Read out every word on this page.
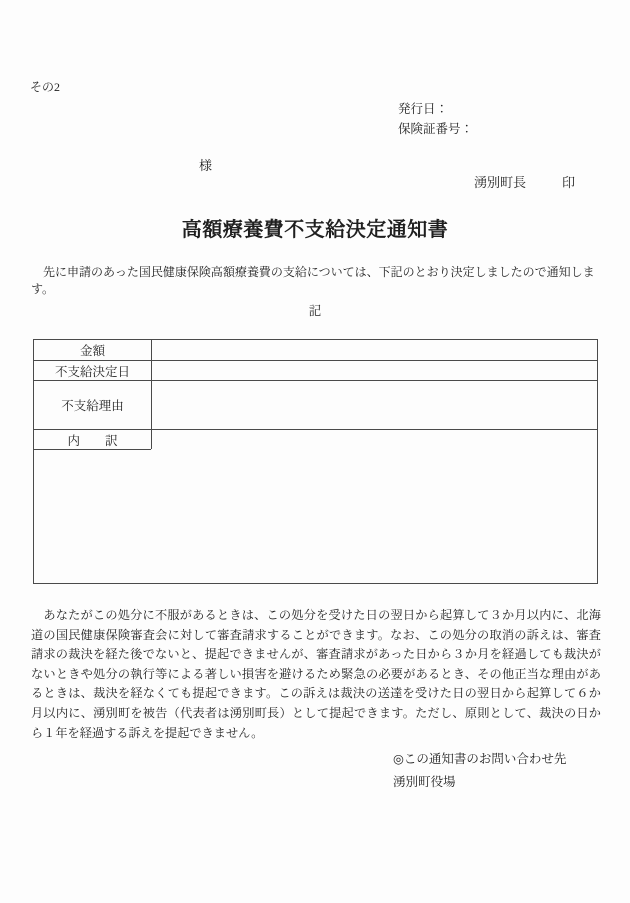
その2
発行日：
保険証番号：
様
湧別町長	印
高額療養費不支給決定通知書

　先に申請のあった国民健康保険高額療養費の支給については、下記のとおり決定しましたので通知します。

記
金額
不支給決定日
不支給理由
内　　訳

　あなたがこの処分に不服があるときは、この処分を受けた日の翌日から起算して３か月以内に、北海道の国民健康保険審査会に対して審査請求することができます。なお、この処分の取消の訴えは、審査請求の裁決を経た後でないと、提起できませんが、審査請求があった日から３か月を経過しても裁決がないときや処分の執行等による著しい損害を避けるため緊急の必要があるとき、その他正当な理由があるときは、裁決を経なくても提起できます。この訴えは裁決の送達を受けた日の翌日から起算して６か月以内に、湧別町を被告（代表者は湧別町長）として提起できます。ただし、原則として、裁決の日から１年を経過する訴えを提起できません。

◎この通知書のお問い合わせ先
湧別町役場
